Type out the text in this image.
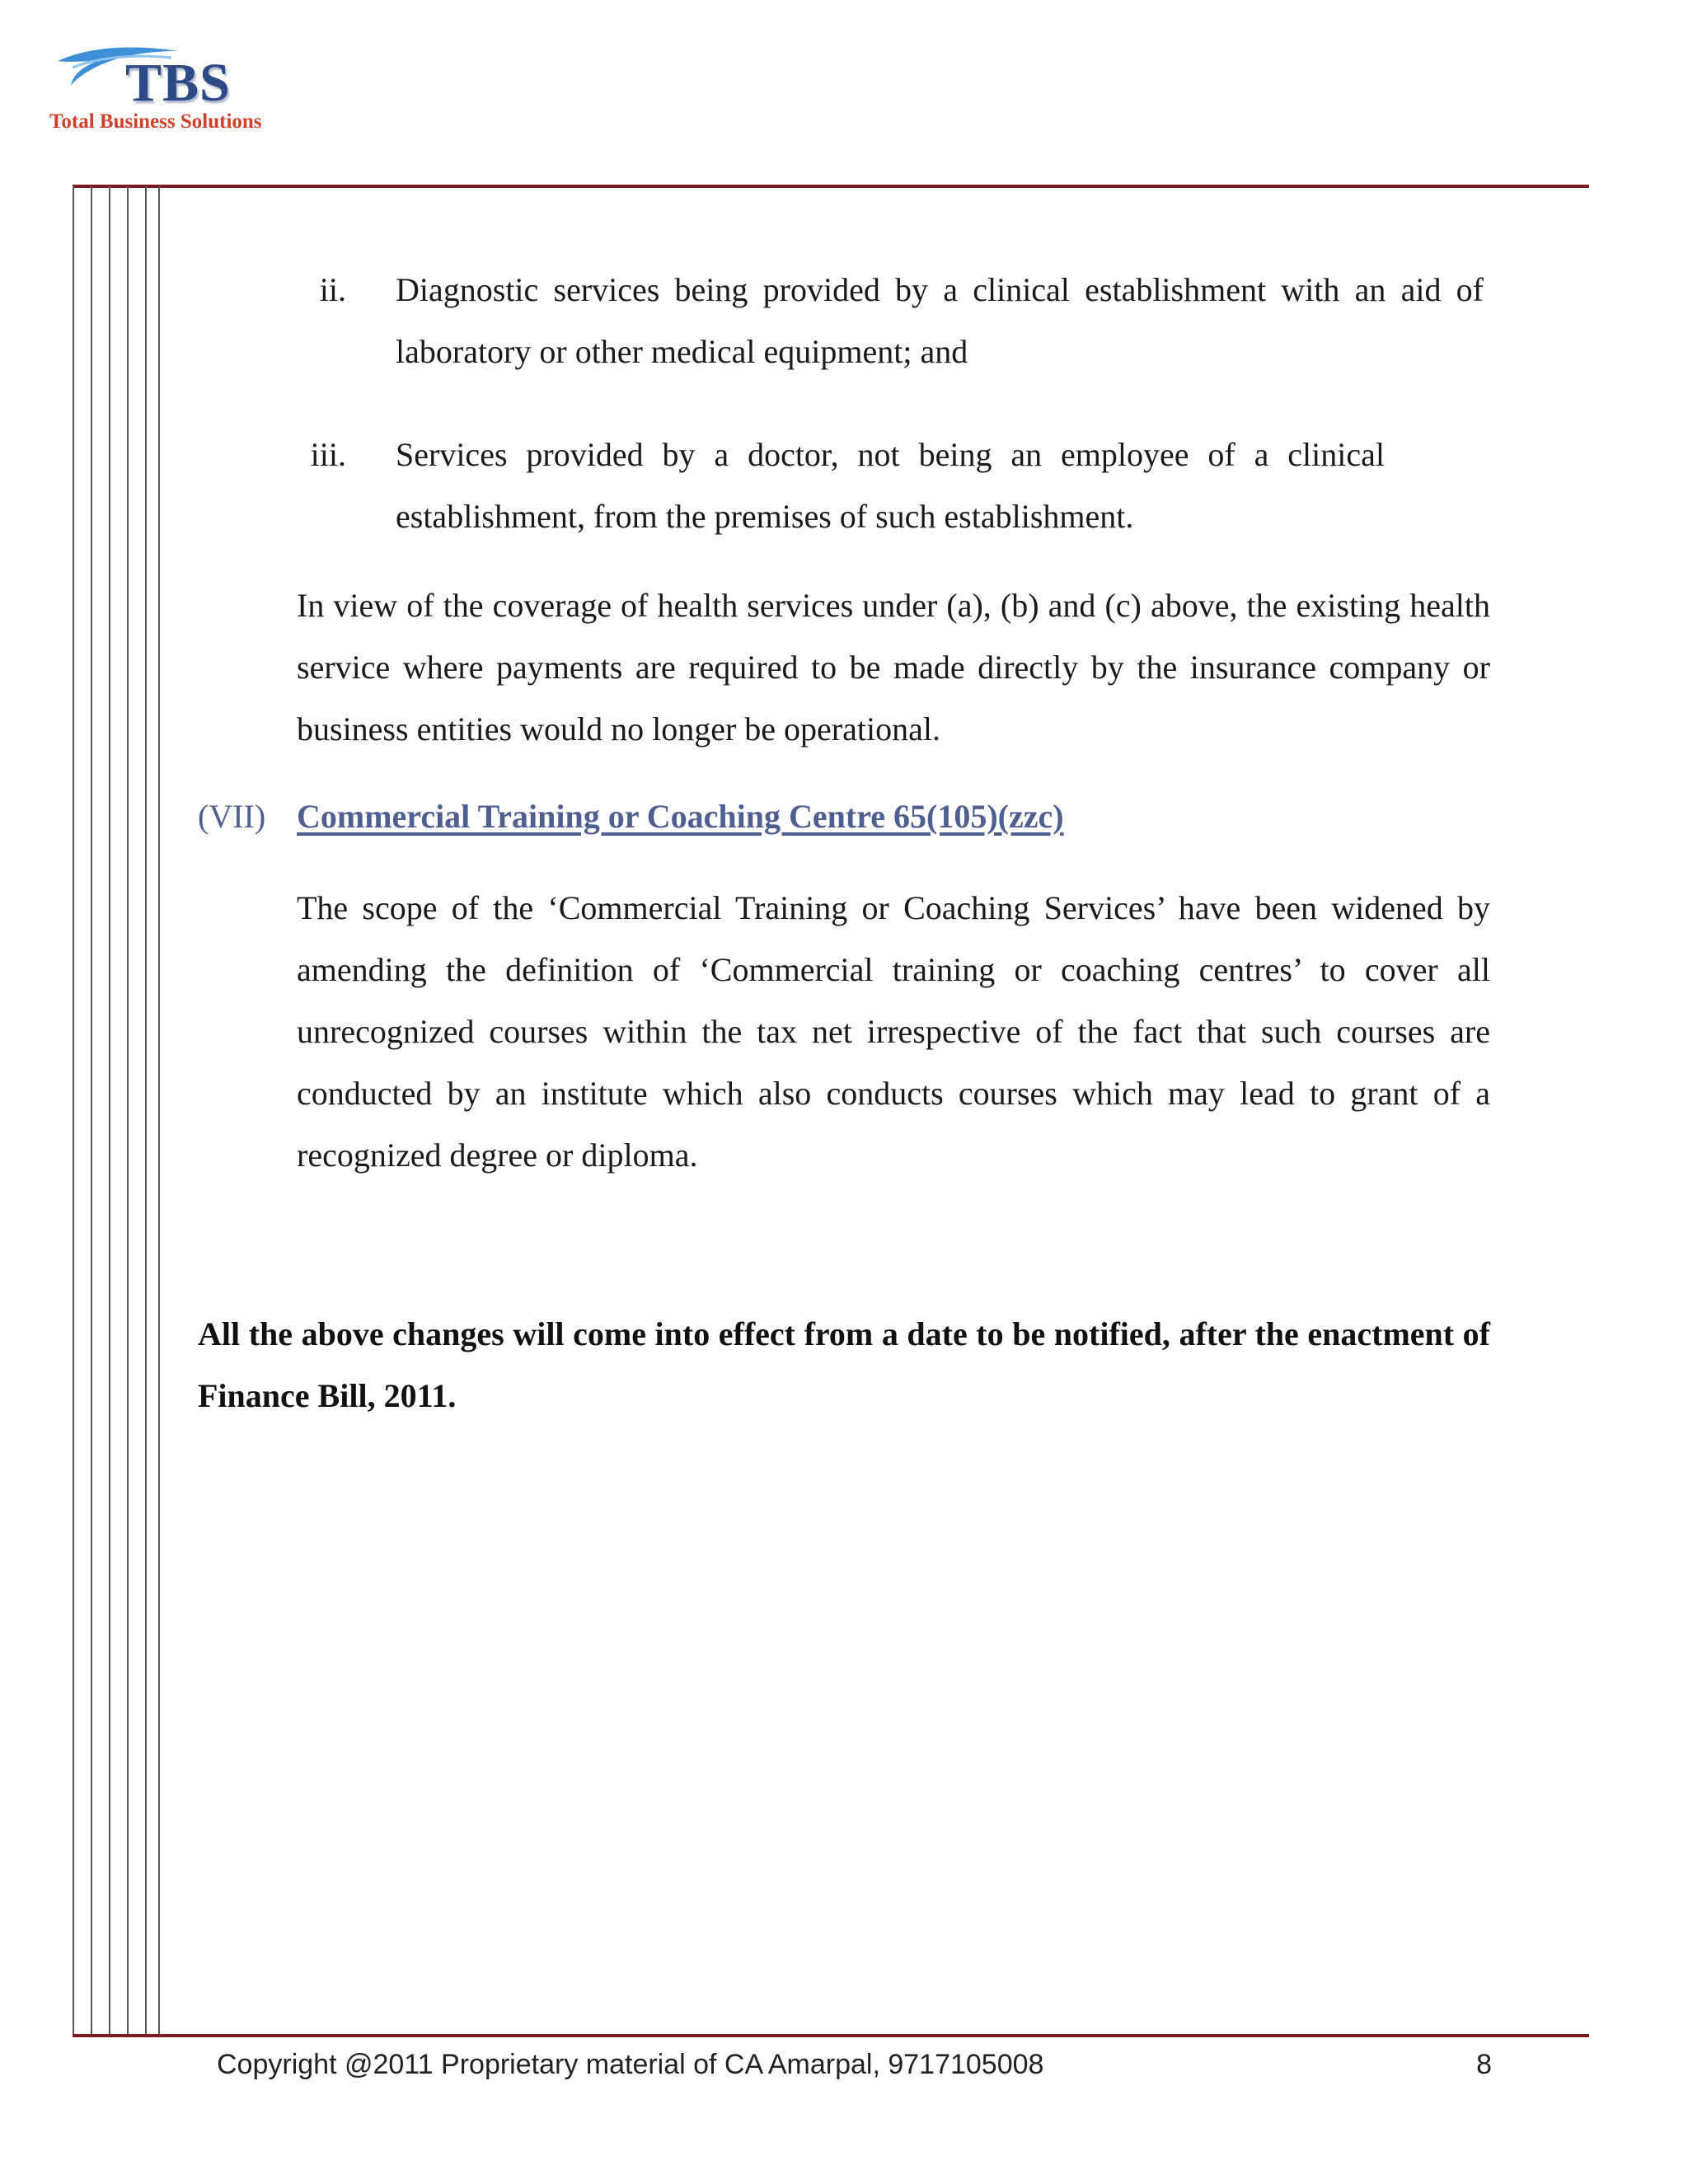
TBS
Total Business Solutions
ii. Diagnostic services being provided by a clinical establishment with an aid of laboratory or other medical equipment; and
iii. Services provided by a doctor, not being an employee of a clinical establishment, from the premises of such establishment.
In view of the coverage of health services under (a), (b) and (c) above, the existing health service where payments are required to be made directly by the insurance company or business entities would no longer be operational.
(VII) Commercial Training or Coaching Centre 65(105)(zzc)
The scope of the ‘Commercial Training or Coaching Services’ have been widened by amending the definition of ‘Commercial training or coaching centres’ to cover all unrecognized courses within the tax net irrespective of the fact that such courses are conducted by an institute which also conducts courses which may lead to grant of a recognized degree or diploma.
All the above changes will come into effect from a date to be notified, after the enactment of Finance Bill, 2011.
Copyright @2011 Proprietary material of CA Amarpal, 9717105008	8
